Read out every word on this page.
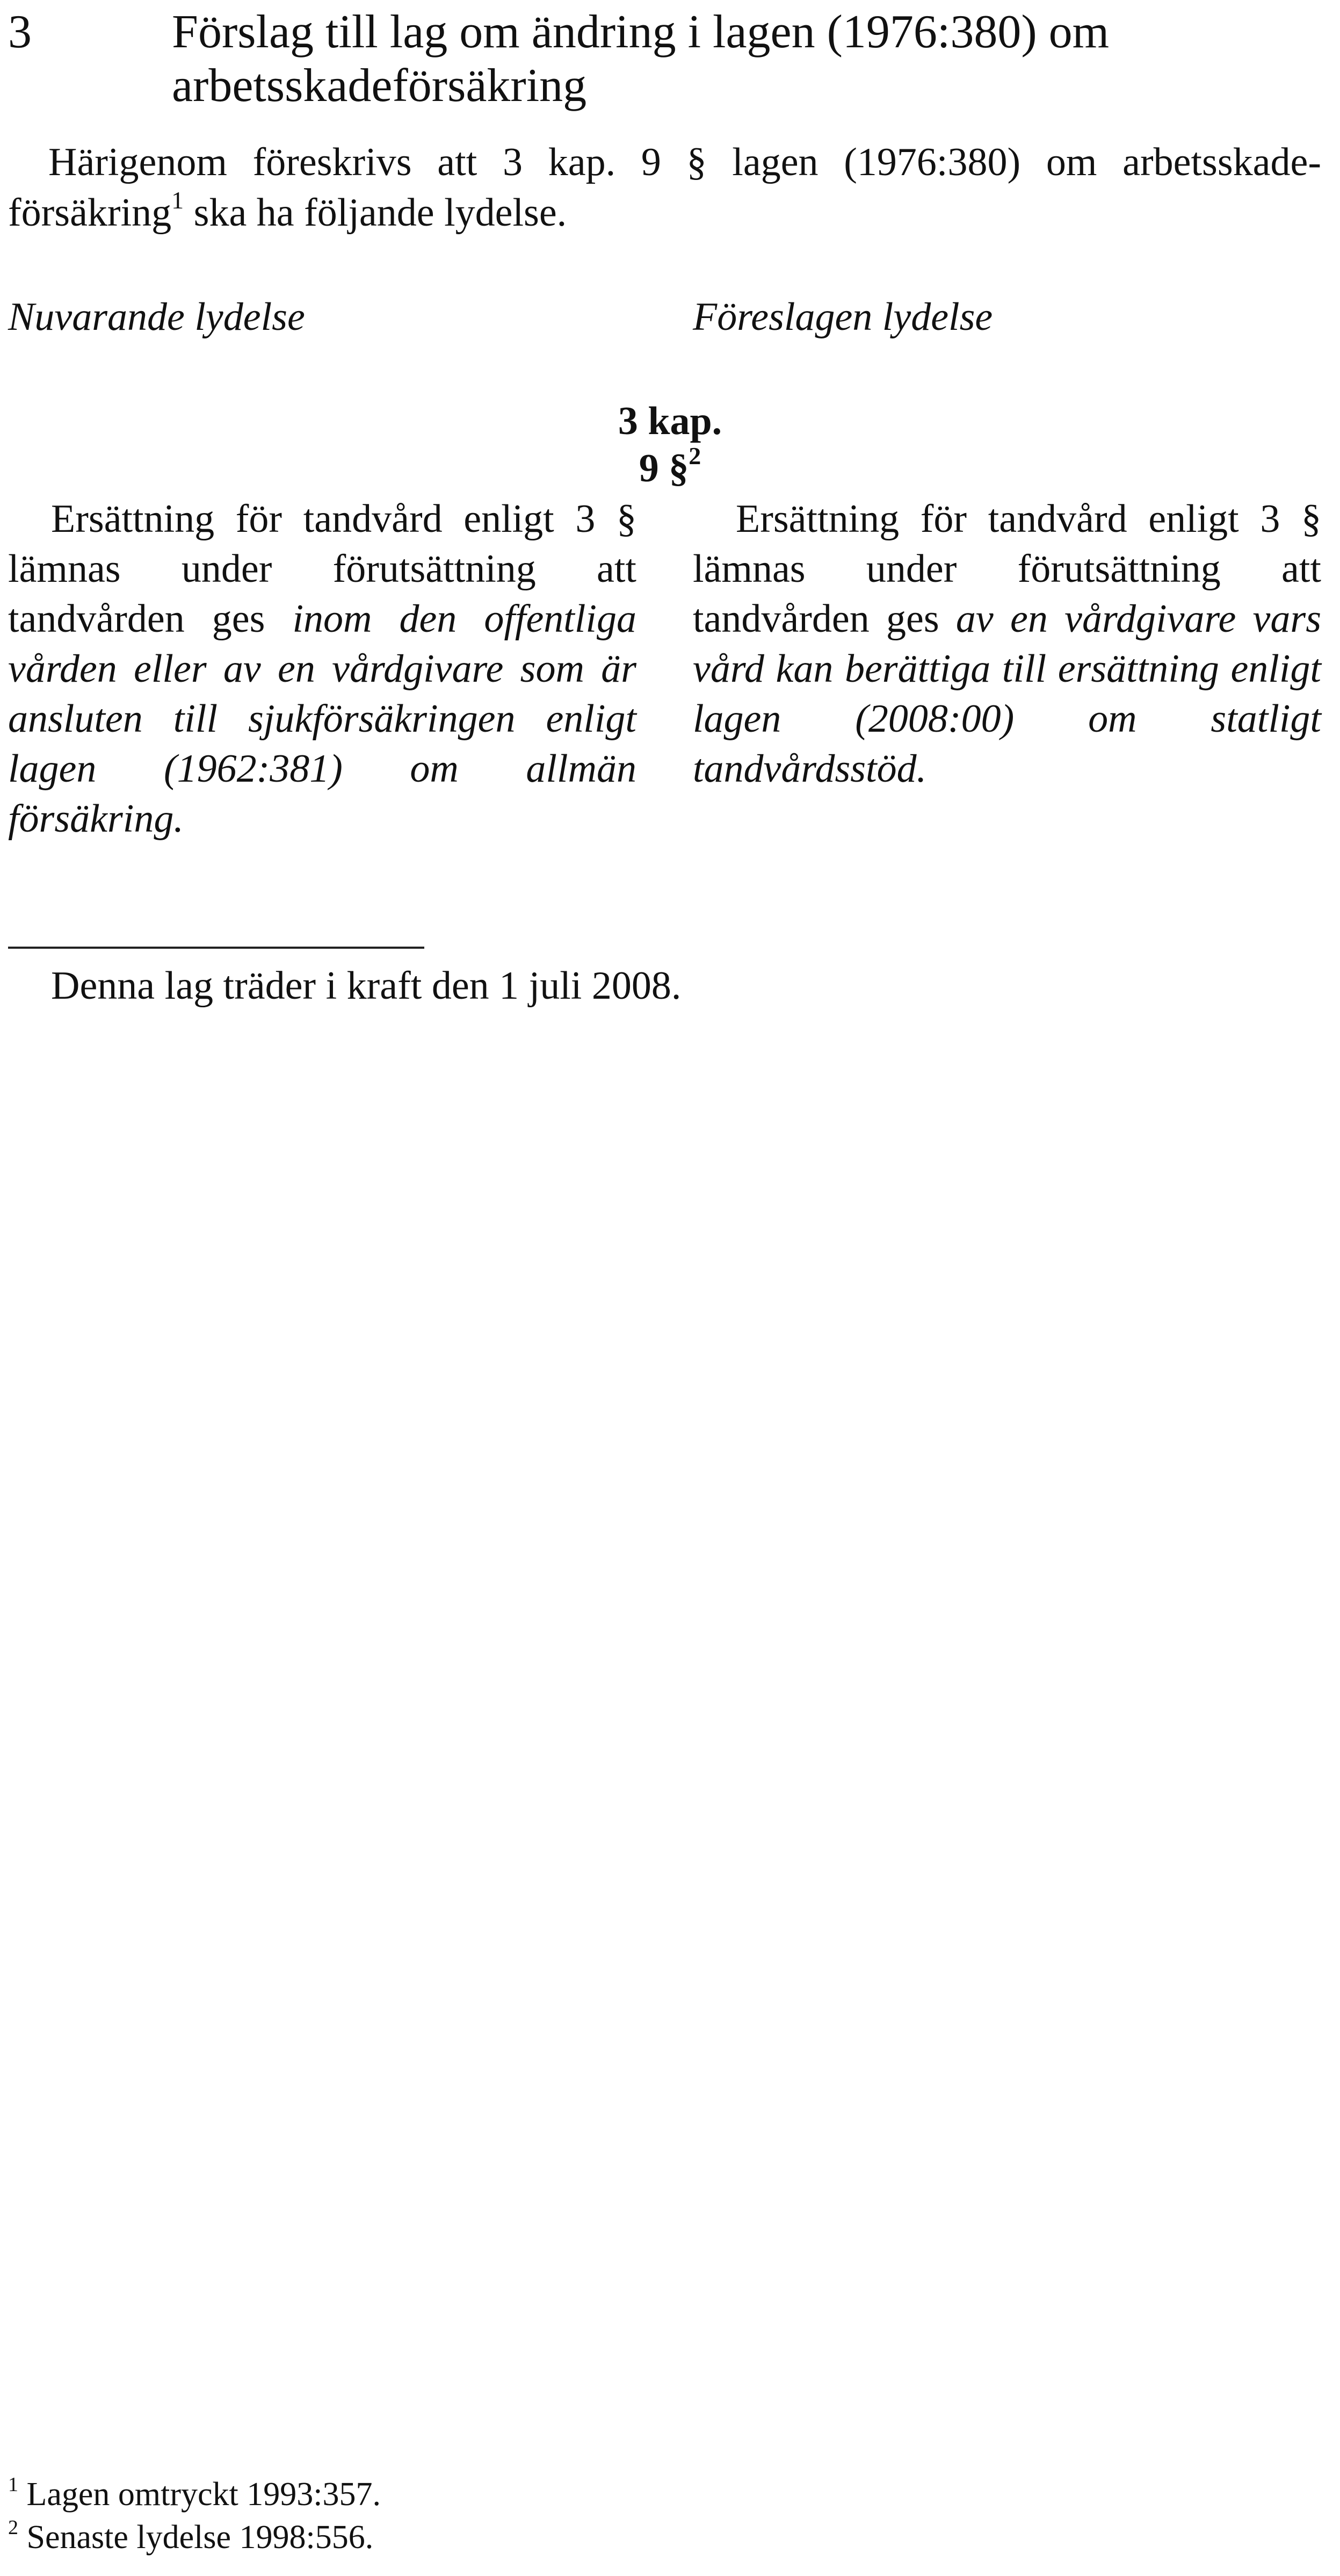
3	Förslag till lag om ändring i lagen (1976:380) om arbetsskadeförsäkring

Härigenom föreskrivs att 3 kap. 9 § lagen (1976:380) om arbetsskadeförsäkring$^1$ ska ha följande lydelse.

Nuvarande lydelse	Föreslagen lydelse
3 kap.
9 §$^2$

Ersättning för tandvård enligt 3 § lämnas under förutsättning att tandvården ges inom den offentliga vården eller av en vårdgivare som är ansluten till sjukförsäkringen enligt lagen (1962:381) om allmän försäkring.

Ersättning för tandvård enligt 3 § lämnas under förutsättning att tandvården ges av en vårdgivare vars vård kan berättiga till ersättning enligt lagen (2008:00) om statligt tandvårdsstöd.

Denna lag träder i kraft den 1 juli 2008.
$^1$ Lagen omtryckt 1993:357.
$^2$ Senaste lydelse 1998:556.
